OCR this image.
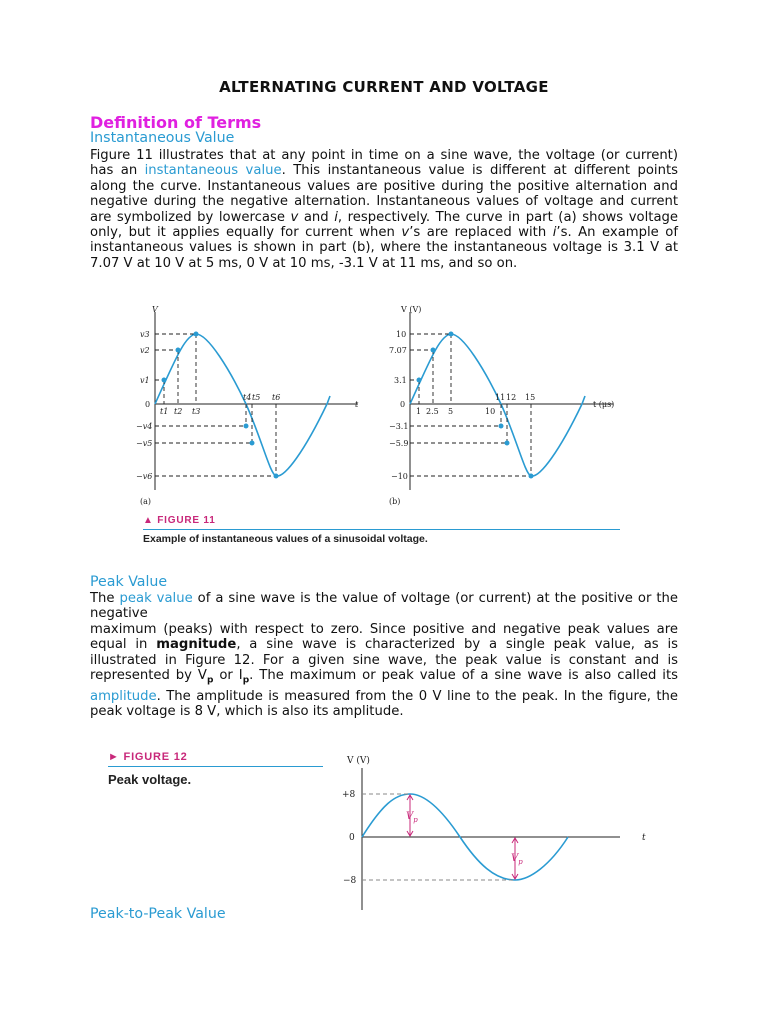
ALTERNATING CURRENT AND VOLTAGE
Definition of Terms
Instantaneous Value
Figure 11 illustrates that at any point in time on a sine wave, the voltage (or current) has an instantaneous value. This instantaneous value is different at different points along the curve. Instantaneous values are positive during the positive alternation and negative during the negative alternation. Instantaneous values of voltage and current are symbolized by lowercase v and i, respectively. The curve in part (a) shows voltage only, but it applies equally for current when v’s are replaced with i’s. An example of instantaneous values is shown in part (b), where the instantaneous voltage is 3.1 V at 7.07 V at 10 V at 5 ms, 0 V at 10 ms, -3.1 V at 11 ms, and so on.
V
t
0
v3
v2
v1
−v4
−v5
−v6
t1 t2 t3
t4 t5 t6
(a)
V (V)
t (μs)
0
10
7.07
3.1
−3.1
−5.9
−10
1 2.5 5	10
11 12 15
(b)
▲ FIGURE 11
Example of instantaneous values of a sinusoidal voltage.
Peak Value
The peak value of a sine wave is the value of voltage (or current) at the positive or the negative
maximum (peaks) with respect to zero. Since positive and negative peak values are equal in magnitude, a sine wave is characterized by a single peak value, as is illustrated in Figure 12. For a given sine wave, the peak value is constant and is represented by $V_p$ or $I_p$. The maximum or peak value of a sine wave is also called its amplitude. The amplitude is measured from the 0 V line to the peak. In the figure, the peak voltage is 8 V, which is also its amplitude.
► FIGURE 12
Peak voltage.
V (V)
t
+8
0
−8
$V_p$
$V_p$
Peak-to-Peak Value
